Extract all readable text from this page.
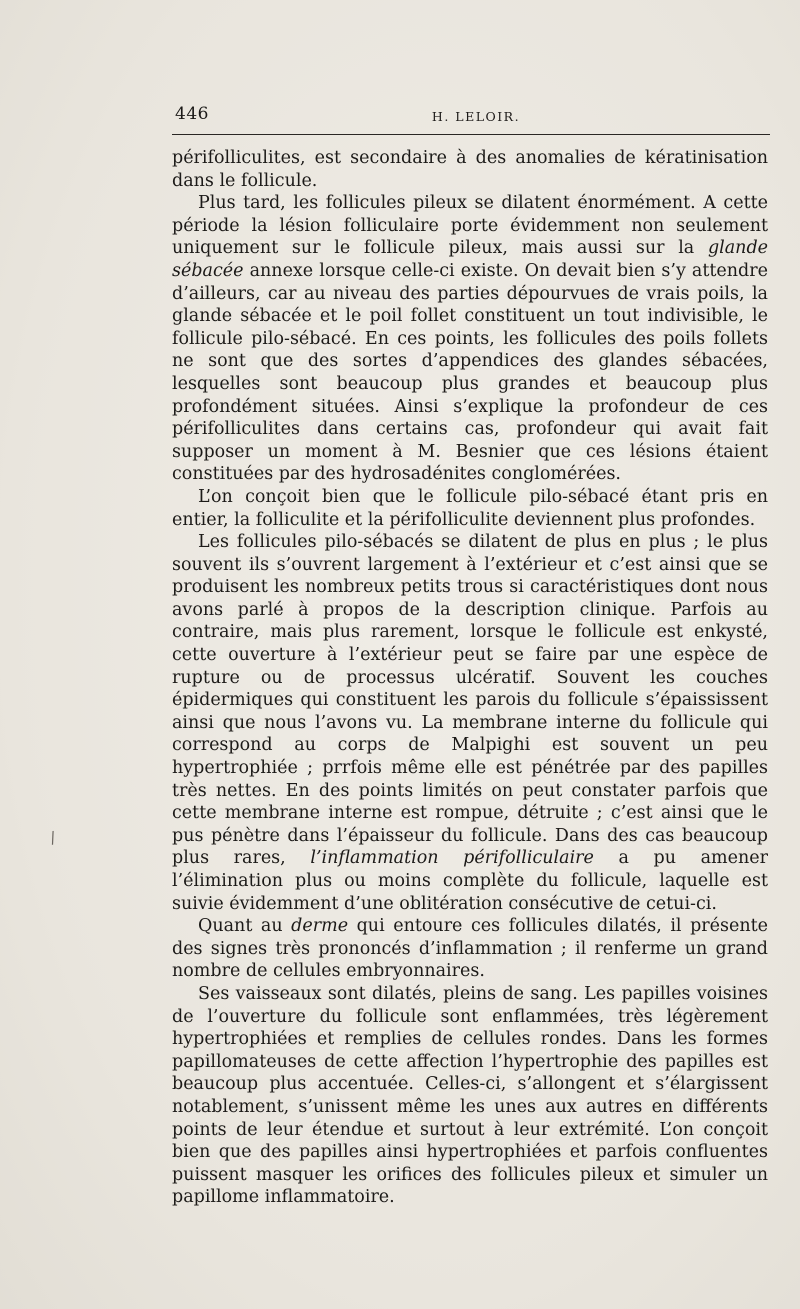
446	H. LELOIR.
/

périfolliculites, est secondaire à des anomalies de kératinisation dans le follicule.

Plus tard, les follicules pileux se dilatent énormément. A cette période la lésion folliculaire porte évidemment non seulement uniquement sur le follicule pileux, mais aussi sur la glande sébacée annexe lorsque celle-ci existe. On devait bien s’y attendre d’ailleurs, car au niveau des parties dépourvues de vrais poils, la glande sébacée et le poil follet constituent un tout indivisible, le follicule pilo-sébacé. En ces points, les follicules des poils follets ne sont que des sortes d’appendices des glandes sébacées, lesquelles sont beaucoup plus grandes et beaucoup plus profondément situées. Ainsi s’explique la profondeur de ces périfolliculites dans certains cas, profondeur qui avait fait supposer un moment à M. Besnier que ces lésions étaient constituées par des hydrosadénites conglomérées.

L’on conçoit bien que le follicule pilo-sébacé étant pris en entier, la folliculite et la périfolliculite deviennent plus profondes.

Les follicules pilo-sébacés se dilatent de plus en plus ; le plus souvent ils s’ouvrent largement à l’extérieur et c’est ainsi que se produisent les nombreux petits trous si caractéristiques dont nous avons parlé à propos de la description clinique. Parfois au contraire, mais plus rarement, lorsque le follicule est enkysté, cette ouverture à l’extérieur peut se faire par une espèce de rupture ou de processus ulcératif. Souvent les couches épidermiques qui constituent les parois du follicule s’épaississent ainsi que nous l’avons vu. La membrane interne du follicule qui correspond au corps de Malpighi est souvent un peu hypertrophiée ; prrfois même elle est pénétrée par des papilles très nettes. En des points limités on peut constater parfois que cette membrane interne est rompue, détruite ; c’est ainsi que le pus pénètre dans l’épaisseur du follicule. Dans des cas beaucoup plus rares, l’inflammation périfolliculaire a pu amener l’élimination plus ou moins complète du follicule, laquelle est suivie évidemment d’une oblitération consécutive de cetui-ci.

Quant au derme qui entoure ces follicules dilatés, il présente des signes très prononcés d’inflammation ; il renferme un grand nombre de cellules embryonnaires.

Ses vaisseaux sont dilatés, pleins de sang. Les papilles voisines de l’ouverture du follicule sont enflammées, très légèrement hypertrophiées et remplies de cellules rondes. Dans les formes papillomateuses de cette affection l’hypertrophie des papilles est beaucoup plus accentuée. Celles-ci, s’allongent et s’élargissent notablement, s’unissent même les unes aux autres en différents points de leur étendue et surtout à leur extrémité. L’on conçoit bien que des papilles ainsi hypertrophiées et parfois confluentes puissent masquer les orifices des follicules pileux et simuler un papillome inflammatoire.
